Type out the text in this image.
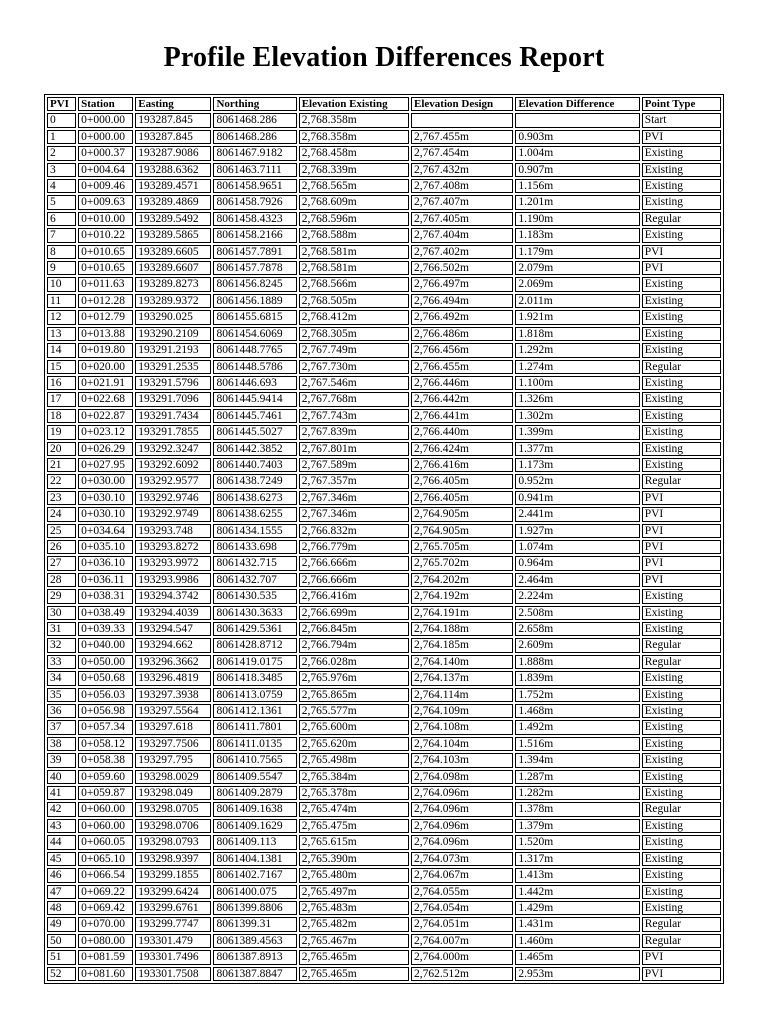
Profile Elevation Differences Report
PVI	Station	Easting	Northing	Elevation Existing	Elevation Design	Elevation Difference	Point Type
0	0+000.00	193287.845	8061468.286	2,768.358m			Start
1	0+000.00	193287.845	8061468.286	2,768.358m	2,767.455m	0.903m	PVI
2	0+000.37	193287.9086	8061467.9182	2,768.458m	2,767.454m	1.004m	Existing
3	0+004.64	193288.6362	8061463.7111	2,768.339m	2,767.432m	0.907m	Existing
4	0+009.46	193289.4571	8061458.9651	2,768.565m	2,767.408m	1.156m	Existing
5	0+009.63	193289.4869	8061458.7926	2,768.609m	2,767.407m	1.201m	Existing
6	0+010.00	193289.5492	8061458.4323	2,768.596m	2,767.405m	1.190m	Regular
7	0+010.22	193289.5865	8061458.2166	2,768.588m	2,767.404m	1.183m	Existing
8	0+010.65	193289.6605	8061457.7891	2,768.581m	2,767.402m	1.179m	PVI
9	0+010.65	193289.6607	8061457.7878	2,768.581m	2,766.502m	2.079m	PVI
10	0+011.63	193289.8273	8061456.8245	2,768.566m	2,766.497m	2.069m	Existing
11	0+012.28	193289.9372	8061456.1889	2,768.505m	2,766.494m	2.011m	Existing
12	0+012.79	193290.025	8061455.6815	2,768.412m	2,766.492m	1.921m	Existing
13	0+013.88	193290.2109	8061454.6069	2,768.305m	2,766.486m	1.818m	Existing
14	0+019.80	193291.2193	8061448.7765	2,767.749m	2,766.456m	1.292m	Existing
15	0+020.00	193291.2535	8061448.5786	2,767.730m	2,766.455m	1.274m	Regular
16	0+021.91	193291.5796	8061446.693	2,767.546m	2,766.446m	1.100m	Existing
17	0+022.68	193291.7096	8061445.9414	2,767.768m	2,766.442m	1.326m	Existing
18	0+022.87	193291.7434	8061445.7461	2,767.743m	2,766.441m	1.302m	Existing
19	0+023.12	193291.7855	8061445.5027	2,767.839m	2,766.440m	1.399m	Existing
20	0+026.29	193292.3247	8061442.3852	2,767.801m	2,766.424m	1.377m	Existing
21	0+027.95	193292.6092	8061440.7403	2,767.589m	2,766.416m	1.173m	Existing
22	0+030.00	193292.9577	8061438.7249	2,767.357m	2,766.405m	0.952m	Regular
23	0+030.10	193292.9746	8061438.6273	2,767.346m	2,766.405m	0.941m	PVI
24	0+030.10	193292.9749	8061438.6255	2,767.346m	2,764.905m	2.441m	PVI
25	0+034.64	193293.748	8061434.1555	2,766.832m	2,764.905m	1.927m	PVI
26	0+035.10	193293.8272	8061433.698	2,766.779m	2,765.705m	1.074m	PVI
27	0+036.10	193293.9972	8061432.715	2,766.666m	2,765.702m	0.964m	PVI
28	0+036.11	193293.9986	8061432.707	2,766.666m	2,764.202m	2.464m	PVI
29	0+038.31	193294.3742	8061430.535	2,766.416m	2,764.192m	2.224m	Existing
30	0+038.49	193294.4039	8061430.3633	2,766.699m	2,764.191m	2.508m	Existing
31	0+039.33	193294.547	8061429.5361	2,766.845m	2,764.188m	2.658m	Existing
32	0+040.00	193294.662	8061428.8712	2,766.794m	2,764.185m	2.609m	Regular
33	0+050.00	193296.3662	8061419.0175	2,766.028m	2,764.140m	1.888m	Regular
34	0+050.68	193296.4819	8061418.3485	2,765.976m	2,764.137m	1.839m	Existing
35	0+056.03	193297.3938	8061413.0759	2,765.865m	2,764.114m	1.752m	Existing
36	0+056.98	193297.5564	8061412.1361	2,765.577m	2,764.109m	1.468m	Existing
37	0+057.34	193297.618	8061411.7801	2,765.600m	2,764.108m	1.492m	Existing
38	0+058.12	193297.7506	8061411.0135	2,765.620m	2,764.104m	1.516m	Existing
39	0+058.38	193297.795	8061410.7565	2,765.498m	2,764.103m	1.394m	Existing
40	0+059.60	193298.0029	8061409.5547	2,765.384m	2,764.098m	1.287m	Existing
41	0+059.87	193298.049	8061409.2879	2,765.378m	2,764.096m	1.282m	Existing
42	0+060.00	193298.0705	8061409.1638	2,765.474m	2,764.096m	1.378m	Regular
43	0+060.00	193298.0706	8061409.1629	2,765.475m	2,764.096m	1.379m	Existing
44	0+060.05	193298.0793	8061409.113	2,765.615m	2,764.096m	1.520m	Existing
45	0+065.10	193298.9397	8061404.1381	2,765.390m	2,764.073m	1.317m	Existing
46	0+066.54	193299.1855	8061402.7167	2,765.480m	2,764.067m	1.413m	Existing
47	0+069.22	193299.6424	8061400.075	2,765.497m	2,764.055m	1.442m	Existing
48	0+069.42	193299.6761	8061399.8806	2,765.483m	2,764.054m	1.429m	Existing
49	0+070.00	193299.7747	8061399.31	2,765.482m	2,764.051m	1.431m	Regular
50	0+080.00	193301.479	8061389.4563	2,765.467m	2,764.007m	1.460m	Regular
51	0+081.59	193301.7496	8061387.8913	2,765.465m	2,764.000m	1.465m	PVI
52	0+081.60	193301.7508	8061387.8847	2,765.465m	2,762.512m	2.953m	PVI
